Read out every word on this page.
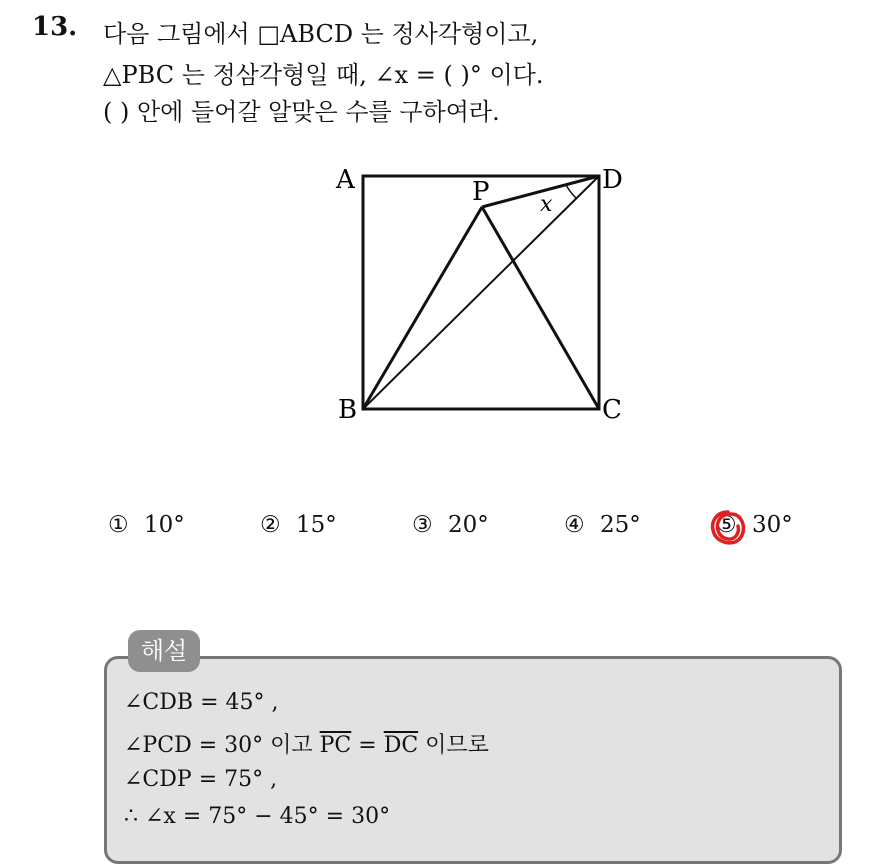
13. 다음 그림에서 □ABCD 는 정사각형이고,
△PBC 는 정삼각형일 때, ∠x = ( )° 이다.
( ) 안에 들어갈 알맞은 수를 구하여라.
A
B	C
D
P x
① 10°	② 15°	③ 20°	④ 25°	⑤ 30°
해설
∠CDB = 45° ,
∠PCD = 30° 이고 $\overline{PC} = \overline{DC}$ 이므로
∠CDP = 75° ,
∴ ∠x = 75° − 45° = 30°
